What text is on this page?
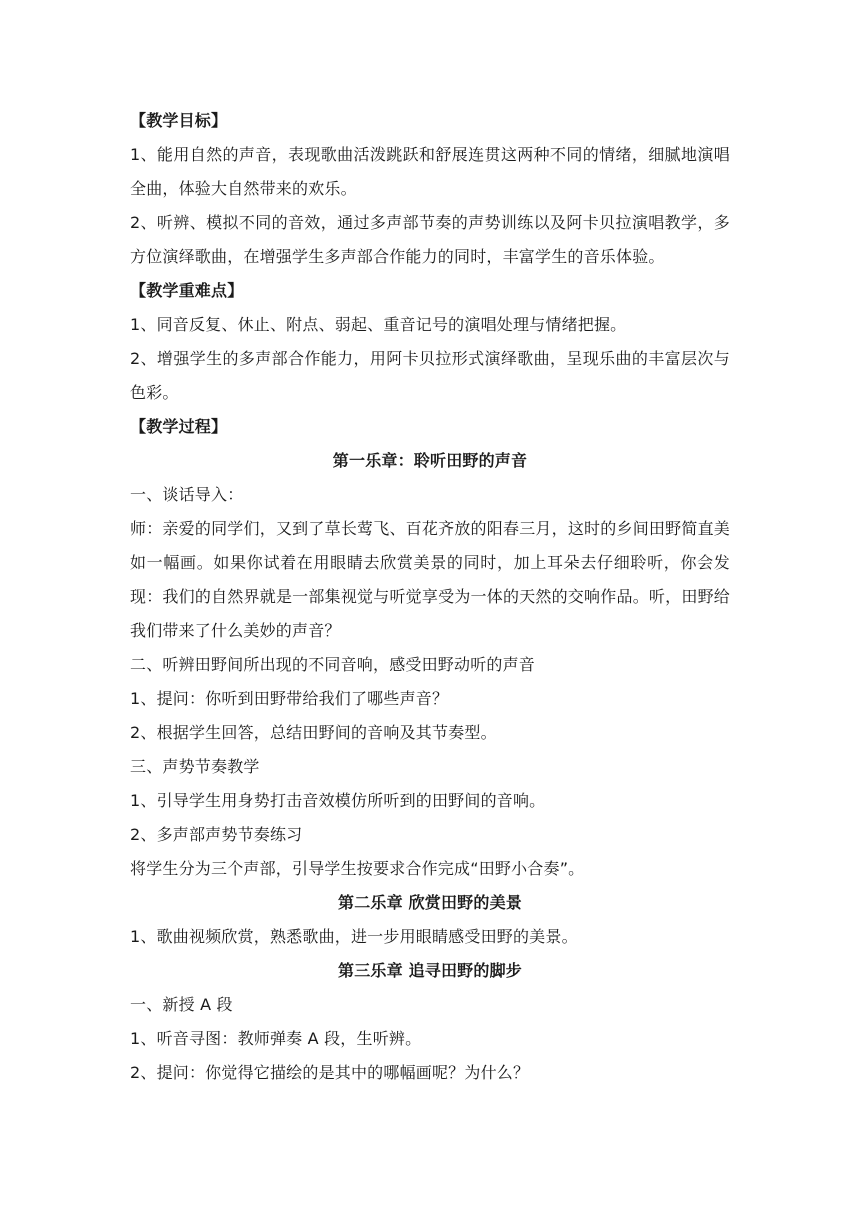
【教学目标】
1、能用自然的声音，表现歌曲活泼跳跃和舒展连贯这两种不同的情绪，细腻地演唱全曲，体验大自然带来的欢乐。
2、听辨、模拟不同的音效，通过多声部节奏的声势训练以及阿卡贝拉演唱教学，多方位演绎歌曲，在增强学生多声部合作能力的同时，丰富学生的音乐体验。
【教学重难点】
1、同音反复、休止、附点、弱起、重音记号的演唱处理与情绪把握。
2、增强学生的多声部合作能力，用阿卡贝拉形式演绎歌曲，呈现乐曲的丰富层次与色彩。
【教学过程】
第一乐章：聆听田野的声音
一、谈话导入：
师：亲爱的同学们，又到了草长莺飞、百花齐放的阳春三月，这时的乡间田野简直美如一幅画。如果你试着在用眼睛去欣赏美景的同时，加上耳朵去仔细聆听，你会发现：我们的自然界就是一部集视觉与听觉享受为一体的天然的交响作品。听，田野给我们带来了什么美妙的声音？
二、听辨田野间所出现的不同音响，感受田野动听的声音
1、提问：你听到田野带给我们了哪些声音？
2、根据学生回答，总结田野间的音响及其节奏型。
三、声势节奏教学
1、引导学生用身势打击音效模仿所听到的田野间的音响。
2、多声部声势节奏练习
将学生分为三个声部，引导学生按要求合作完成“田野小合奏”。
第二乐章 欣赏田野的美景
1、歌曲视频欣赏，熟悉歌曲，进一步用眼睛感受田野的美景。
第三乐章 追寻田野的脚步
一、新授 A 段
1、听音寻图：教师弹奏 A 段，生听辨。
2、提问：你觉得它描绘的是其中的哪幅画呢？为什么？
